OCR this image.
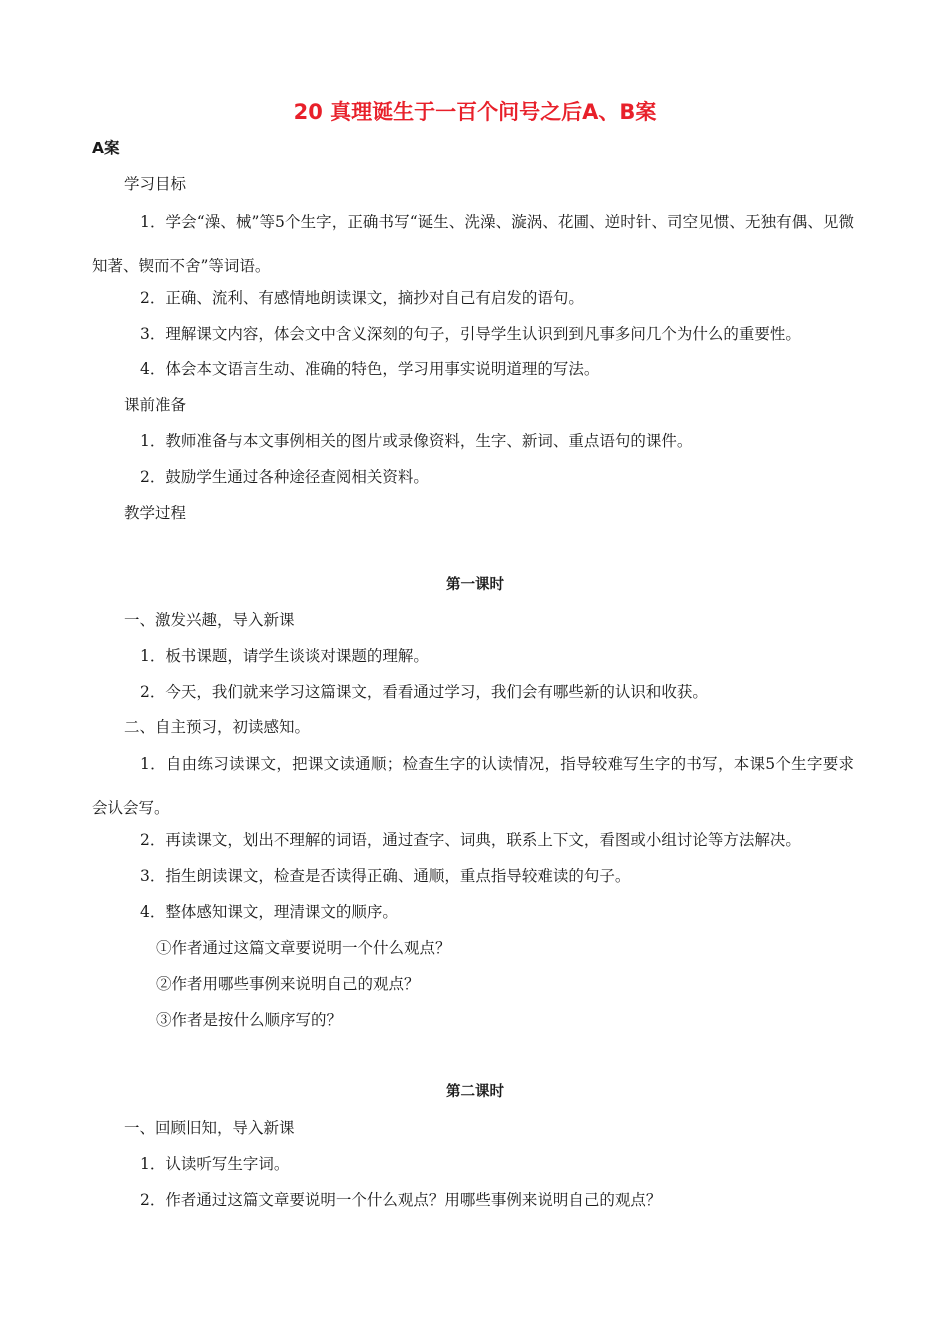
20 真理诞生于一百个问号之后A、B案
A案
学习目标
1．学会“澡、械”等5个生字，正确书写“诞生、洗澡、漩涡、花圃、逆时针、司空见惯、无独有偶、见微知著、锲而不舍”等词语。
2．正确、流利、有感情地朗读课文，摘抄对自己有启发的语句。
3．理解课文内容，体会文中含义深刻的句子，引导学生认识到到凡事多问几个为什么的重要性。
4．体会本文语言生动、准确的特色，学习用事实说明道理的写法。
课前准备
1．教师准备与本文事例相关的图片或录像资料，生字、新词、重点语句的课件。
2．鼓励学生通过各种途径查阅相关资料。
教学过程
第一课时
一、激发兴趣，导入新课
1．板书课题，请学生谈谈对课题的理解。
2．今天，我们就来学习这篇课文，看看通过学习，我们会有哪些新的认识和收获。
二、自主预习，初读感知。
1．自由练习读课文，把课文读通顺；检查生字的认读情况，指导较难写生字的书写，本课5个生字要求会认会写。
2．再读课文，划出不理解的词语，通过查字、词典，联系上下文，看图或小组讨论等方法解决。
3．指生朗读课文，检查是否读得正确、通顺，重点指导较难读的句子。
4．整体感知课文，理清课文的顺序。
①作者通过这篇文章要说明一个什么观点？
②作者用哪些事例来说明自己的观点？
③作者是按什么顺序写的？
第二课时
一、回顾旧知，导入新课
1．认读听写生字词。
2．作者通过这篇文章要说明一个什么观点？用哪些事例来说明自己的观点？
